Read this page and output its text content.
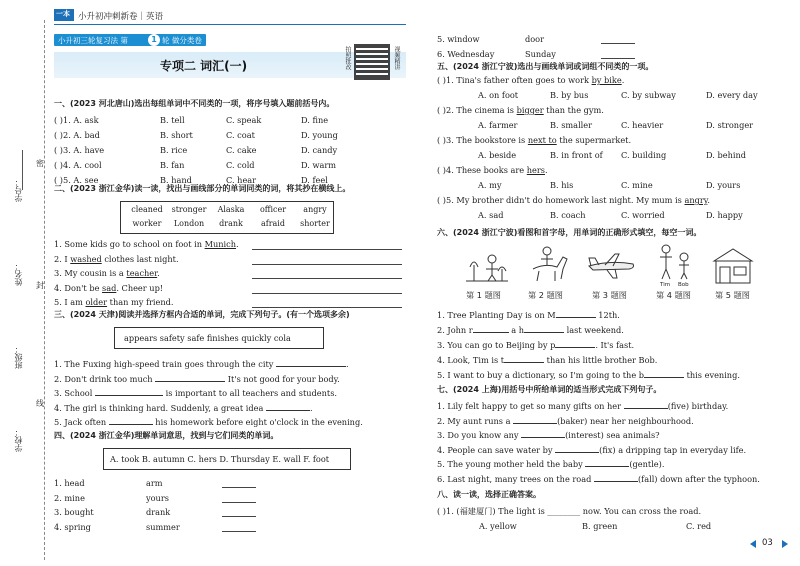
学号：
姓名：
班级：
学校：
密
封
线
一本 小升初冲刺新卷｜英语
小升初三轮复习法 第	1 轮 做分类卷
专项二 词汇(一)	拍照批改	视频精讲
一、(2023 河北唐山)选出每组单词中不同类的一项，将序号填入题前括号内。
( )1. A. ask	B. tell	C. speak	D. fine
( )2. A. bad	B. short	C. coat	D. young
( )3. A. have	B. rice	C. cake	D. candy
( )4. A. cool	B. fan	C. cold	D. warm
( )5. A. see	B. hand	C. hear	D. feel
二、(2023 浙江金华)读一读，找出与画线部分的单词同类的词，将其抄在横线上。
cleaned	stronger	Alaska	officer	angry
worker	London	drank	afraid	shorter
1. Some kids go to school on foot in Munich.
2. I washed clothes last night.
3. My cousin is a teacher.
4. Don't be sad. Cheer up!
5. I am older than my friend.
三、(2024 天津)阅读并选择方框内合适的单词，完成下列句子。(有一个选项多余)
appears safety safe finishes quickly cola
1. The Fuxing high-speed train goes through the city	.
2. Don't drink too much	It's not good for your body.
3. School	is important to all teachers and students.
4. The girl is thinking hard. Suddenly, a great idea	.
5. Jack often	his homework before eight o'clock in the evening.
四、(2024 浙江金华)理解单词意思，找到与它们同类的单词。
A. took B. autumn C. hers D. Thursday E. wall F. foot
1. head	arm
2. mine	yours
3. bought	drank
4. spring	summer
5. window	door
6. Wednesday	Sunday
五、(2024 浙江宁波)选出与画线单词或词组不同类的一项。
( )1. Tina's father often goes to work by bike.
A. on foot	B. by bus	C. by subway	D. every day
( )2. The cinema is bigger than the gym.
A. farmer	B. smaller	C. heavier	D. stronger
( )3. The bookstore is next to the supermarket.
A. beside	B. in front of C. building	D. behind
( )4. These books are hers.
A. my	B. his	C. mine	D. yours
( )5. My brother didn't do homework last night. My mum is angry.
A. sad	B. coach	C. worried	D. happy
六、(2024 浙江宁波)看图和首字母，用单词的正确形式填空，每空一词。
Tim Bob
第 1 题图	第 2 题图	第 3 题图	第 4 题图	第 5 题图
1. Tree Planting Day is on M	12th.
2. John r	a h	last weekend.
3. You can go to Beijing by p	. It's fast.
4. Look, Tim is t	than his little brother Bob.
5. I want to buy a dictionary, so I'm going to the b	this evening.
七、(2024 上海)用括号中所给单词的适当形式完成下列句子。
1. Lily felt happy to get so many gifts on her	(five) birthday.
2. My aunt runs a	(baker) near her neighbourhood.
3. Do you know any	(interest) sea animals?
4. People can save water by	(fix) a dripping tap in everyday life.
5. The young mother held the baby	(gentle).
6. Last night, many trees on the road	(fall) down after the typhoon.
八、读一读，选择正确答案。
( )1. (福建厦门) The light is ________ now. You can cross the road.
A. yellow	B. green	C. red
03
